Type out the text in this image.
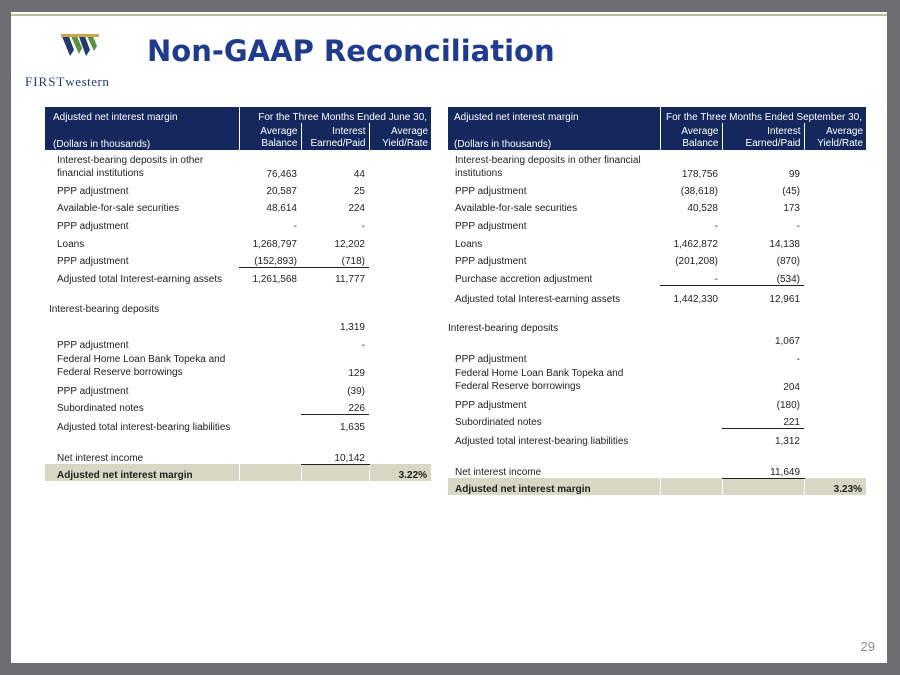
FIRSTwestern
Non-GAAP Reconciliation
Adjusted net interest margin	For the Three Months Ended June 30,		
(Dollars in thousands)	Average Balance	Interest Earned/Paid	Average Yield/Rate
Interest-bearing deposits in other financial institutions	76,463	44	
PPP adjustment	20,587	25	
Available-for-sale securities	48,614	224	
PPP adjustment	-	-	
Loans	1,268,797	12,202	
PPP adjustment	(152,893)	(718)	
Adjusted total Interest-earning assets	1,261,568	11,777	

Interest-bearing deposits		1,319	
PPP adjustment		-	
Federal Home Loan Bank Topeka and Federal Reserve borrowings		129	
PPP adjustment		(39)	
Subordinated notes		226	
Adjusted total interest-bearing liabilities		1,635	

Net interest income		10,142	
Adjusted net interest margin			3.22%
Adjusted net interest margin	For the Three Months Ended September 30,		
(Dollars in thousands)	Average Balance	Interest Earned/Paid	Average Yield/Rate
Interest-bearing deposits in other financial institutions	178,756	99	
PPP adjustment	(38,618)	(45)	
Available-for-sale securities	40,528	173	
PPP adjustment	-	-	
Loans	1,462,872	14,138	
PPP adjustment	(201,208)	(870)	
Purchase accretion adjustment	-	(534)	
Adjusted total Interest-earning assets	1,442,330	12,961	

Interest-bearing deposits		1,067	
PPP adjustment		-	
Federal Home Loan Bank Topeka and Federal Reserve borrowings		204	
PPP adjustment		(180)	
Subordinated notes		221	
Adjusted total interest-bearing liabilities		1,312	

Net interest income		11,649	
Adjusted net interest margin			3.23%
29
